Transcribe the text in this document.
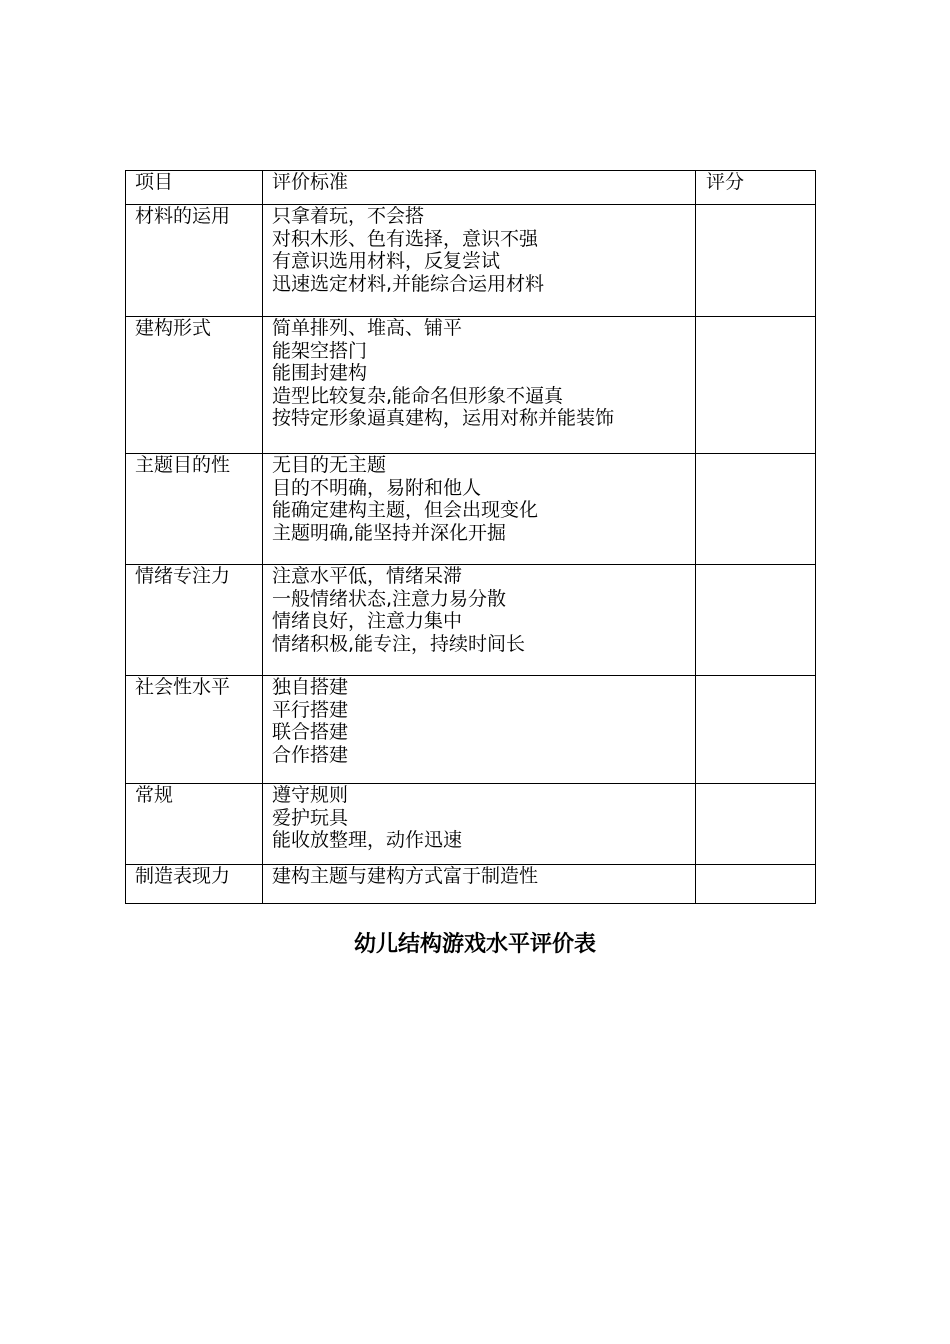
项目	评价标准	评分

材料的运用	只拿着玩，不会搭
对积木形、色有选择，意识不强
有意识选用材料，反复尝试
迅速选定材料,并能综合运用材料	

建构形式	简单排列、堆高、铺平
能架空搭门
能围封建构
造型比较复杂,能命名但形象不逼真
按特定形象逼真建构，运用对称并能装饰	

主题目的性	无目的无主题
目的不明确，易附和他人
能确定建构主题，但会出现变化
主题明确,能坚持并深化开掘	

情绪专注力	注意水平低，情绪呆滞
一般情绪状态,注意力易分散
情绪良好，注意力集中
情绪积极,能专注，持续时间长	

社会性水平	独自搭建
平行搭建
联合搭建
合作搭建	

常规	遵守规则
爱护玩具
能收放整理，动作迅速	

制造表现力	建构主题与建构方式富于制造性	

幼儿结构游戏水平评价表
